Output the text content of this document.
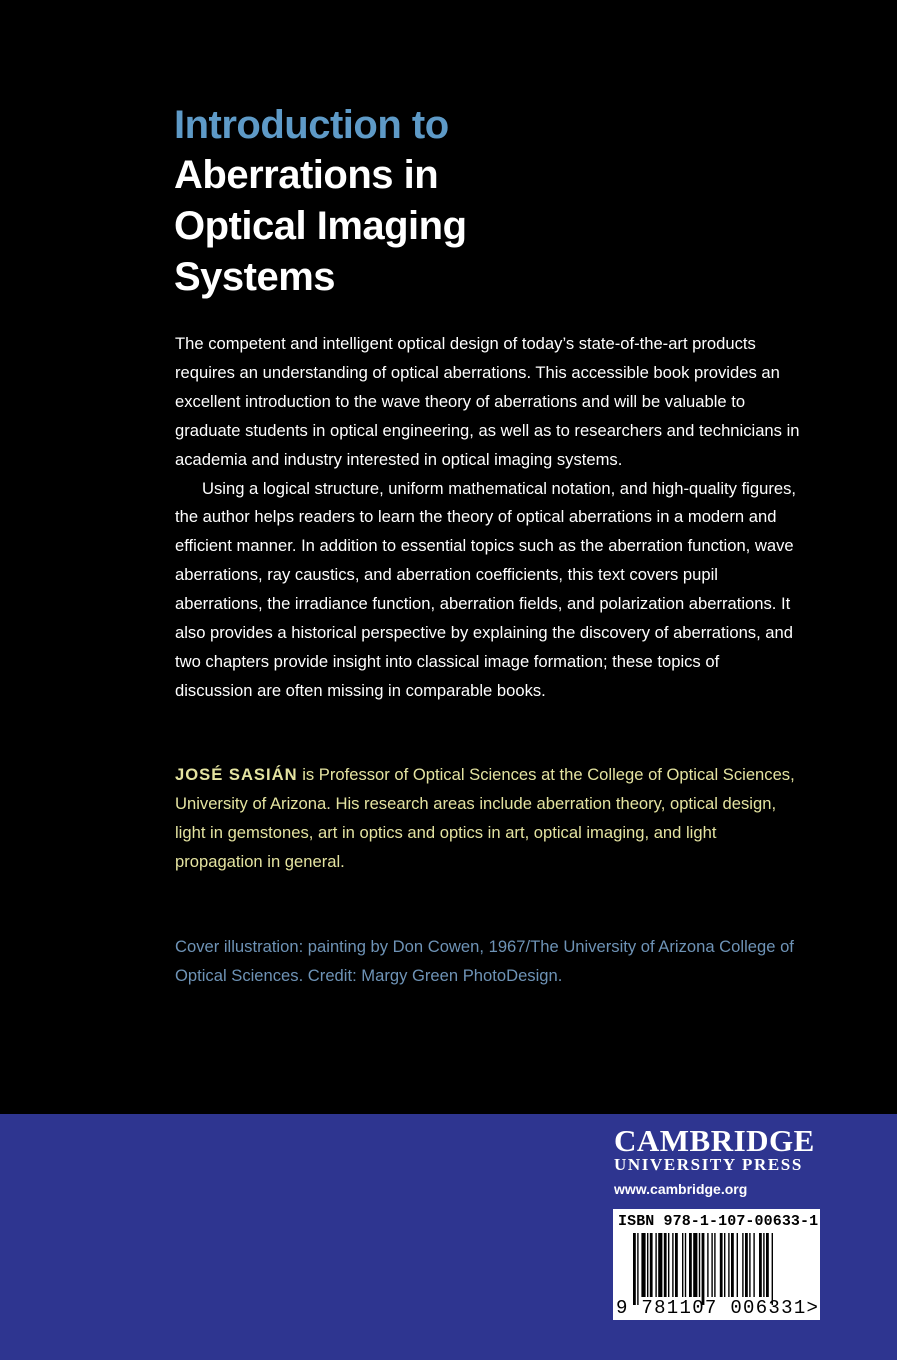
Introduction to
Aberrations in
Optical Imaging
Systems

The competent and intelligent optical design of today’s state-of-the-art products requires an understanding of optical aberrations. This accessible book provides an excellent introduction to the wave theory of aberrations and will be valuable to graduate students in optical engineering, as well as to researchers and technicians in academia and industry interested in optical imaging systems.

Using a logical structure, uniform mathematical notation, and high-quality figures, the author helps readers to learn the theory of optical aberrations in a modern and efficient manner. In addition to essential topics such as the aberration function, wave aberrations, ray caustics, and aberration coefficients, this text covers pupil aberrations, the irradiance function, aberration fields, and polarization aberrations. It also provides a historical perspective by explaining the discovery of aberrations, and two chapters provide insight into classical image formation; these topics of discussion are often missing in comparable books.

JOSÉ SASIÁN is Professor of Optical Sciences at the College of Optical Sciences, University of Arizona. His research areas include aberration theory, optical design, light in gemstones, art in optics and optics in art, optical imaging, and light propagation in general.

Cover illustration: painting by Don Cowen, 1967/The University of Arizona College of Optical Sciences. Credit: Margy Green PhotoDesign.

CAMBRIDGE
UNIVERSITY PRESS
www.cambridge.org
ISBN 978-1-107-00633-1
9 781107 006331>
